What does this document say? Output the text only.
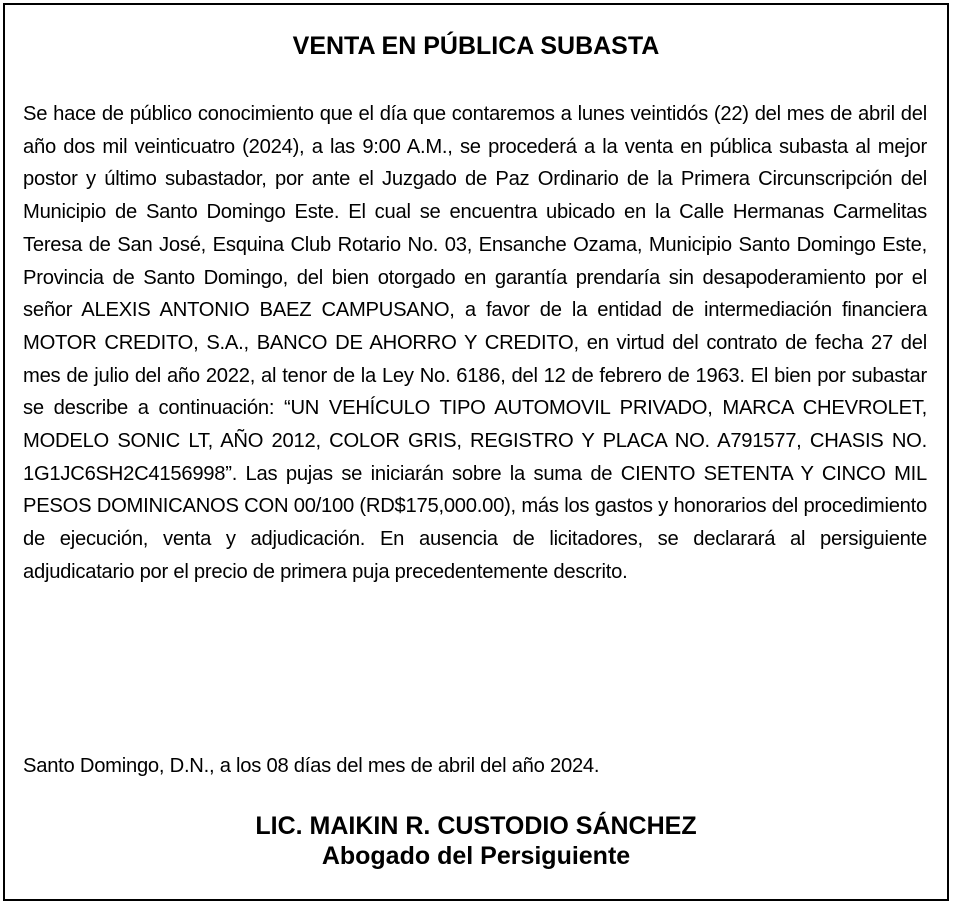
VENTA EN PÚBLICA SUBASTA

Se hace de público conocimiento que el día que contaremos a lunes veintidós (22) del mes de abril del año dos mil veinticuatro (2024), a las 9:00 A.M., se procederá a la venta en pública subasta al mejor postor y último subastador, por ante el Juzgado de Paz Ordinario de la Primera Circunscripción del Municipio de Santo Domingo Este. El cual se encuentra ubicado en la Calle Hermanas Carmelitas Teresa de San José, Esquina Club Rotario No. 03, Ensanche Ozama, Municipio Santo Domingo Este, Provincia de Santo Domingo, del bien otorgado en garantía prendaría sin desapoderamiento por el señor ALEXIS ANTONIO BAEZ CAMPUSANO, a favor de la entidad de intermediación financiera MOTOR CREDITO, S.A., BANCO DE AHORRO Y CREDITO, en virtud del contrato de fecha 27 del mes de julio del año 2022, al tenor de la Ley No. 6186, del 12 de febrero de 1963. El bien por subastar se describe a continuación: “UN VEHÍCULO TIPO AUTOMOVIL PRIVADO, MARCA CHEVROLET, MODELO SONIC LT, AÑO 2012, COLOR GRIS, REGISTRO Y PLACA NO. A791577, CHASIS NO. 1G1JC6SH2C4156998”. Las pujas se iniciarán sobre la suma de CIENTO SETENTA Y CINCO MIL PESOS DOMINICANOS CON 00/100 (RD$175,000.00), más los gastos y honorarios del procedimiento de ejecución, venta y adjudicación. En ausencia de licitadores, se declarará al persiguiente adjudicatario por el precio de primera puja precedentemente descrito.

Santo Domingo, D.N., a los 08 días del mes de abril del año 2024.

LIC. MAIKIN R. CUSTODIO SÁNCHEZ

Abogado del Persiguiente
